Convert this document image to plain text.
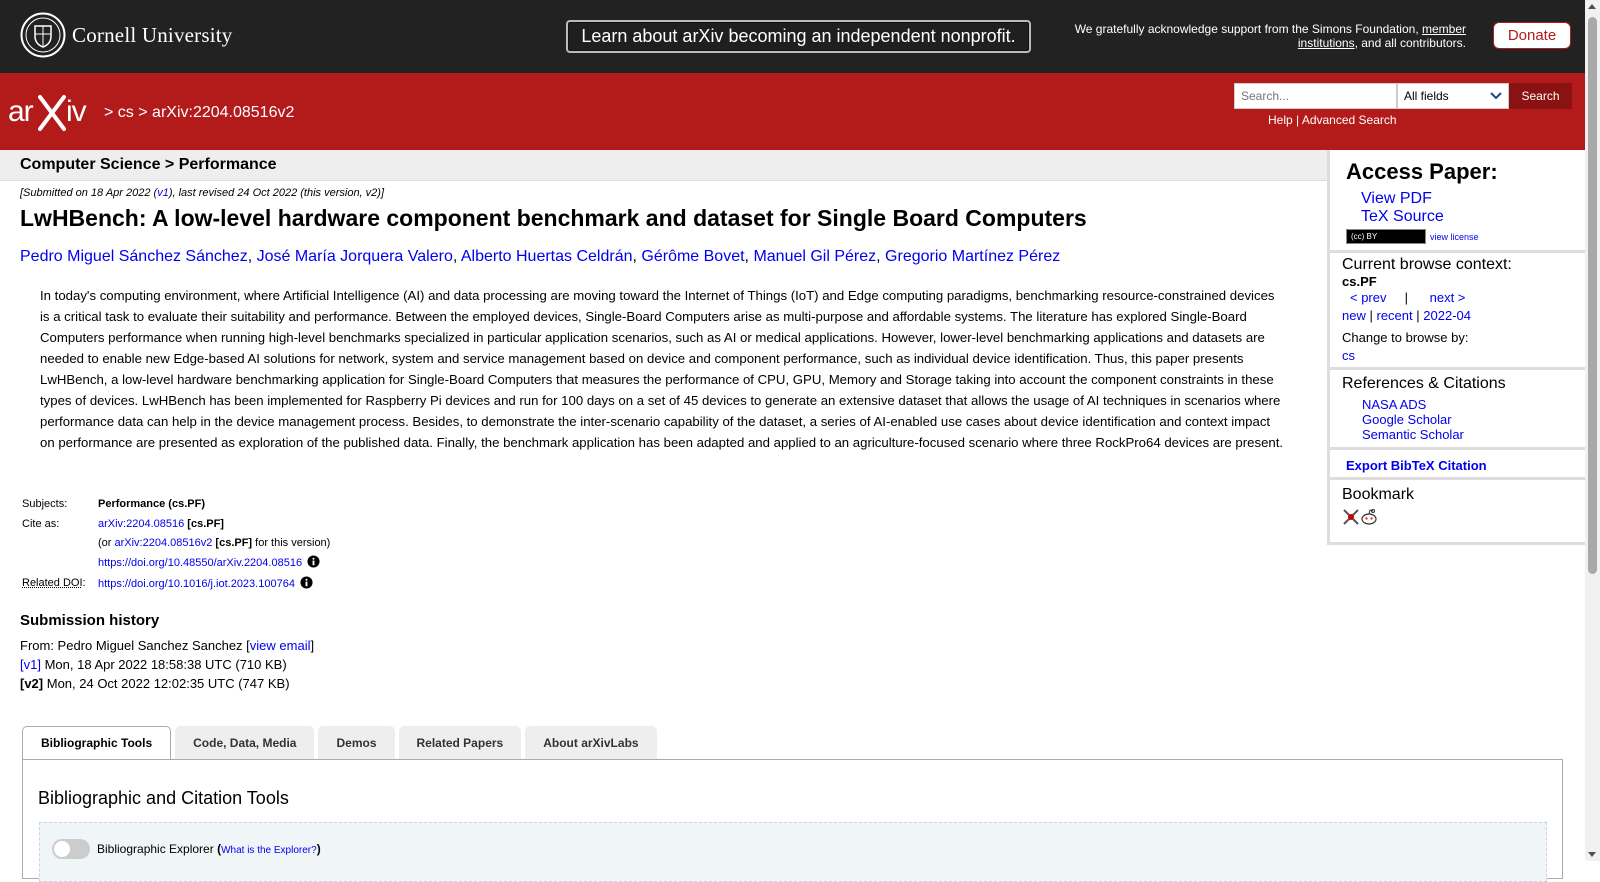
Cornell University	Learn about arXiv becoming an independent nonprofit.	We gratefully acknowledge support from the Simons Foundation, member institutions, and all contributors.	Donate
ar iv > cs > arXiv:2204.08516v2
Search...	All fields	Search
Help | Advanced Search
Computer Science > Performance
[Submitted on 18 Apr 2022 (v1), last revised 24 Oct 2022 (this version, v2)]
LwHBench: A low-level hardware component benchmark and dataset for Single Board Computers
Pedro Miguel Sánchez Sánchez, José María Jorquera Valero, Alberto Huertas Celdrán, Gérôme Bovet, Manuel Gil Pérez, Gregorio Martínez Pérez

In today's computing environment, where Artificial Intelligence (AI) and data processing are moving toward the Internet of Things (IoT) and Edge computing paradigms, benchmarking resource-constrained devices is a critical task to evaluate their suitability and performance. Between the employed devices, Single-Board Computers arise as multi-purpose and affordable systems. The literature has explored Single-Board Computers performance when running high-level benchmarks specialized in particular application scenarios, such as AI or medical applications. However, lower-level benchmarking applications and datasets are needed to enable new Edge-based AI solutions for network, system and service management based on device and component performance, such as individual device identification. Thus, this paper presents LwHBench, a low-level hardware benchmarking application for Single-Board Computers that measures the performance of CPU, GPU, Memory and Storage taking into account the component constraints in these types of devices. LwHBench has been implemented for Raspberry Pi devices and run for 100 days on a set of 45 devices to generate an extensive dataset that allows the usage of AI techniques in scenarios where performance data can help in the device management process. Besides, to demonstrate the inter-scenario capability of the dataset, a series of AI-enabled use cases about device identification and context impact on performance are presented as exploration of the published data. Finally, the benchmark application has been adapted and applied to an agriculture-focused scenario where three RockPro64 devices are present.

Subjects:	Performance (cs.PF)
Cite as:	arXiv:2204.08516 [cs.PF]
(or arXiv:2204.08516v2 [cs.PF] for this version)
https://doi.org/10.48550/arXiv.2204.08516

Related DOI:	https://doi.org/10.1016/j.iot.2023.100764
Submission history
From: Pedro Miguel Sanchez Sanchez [view email]
[v1] Mon, 18 Apr 2022 18:58:38 UTC (710 KB)
[v2] Mon, 24 Oct 2022 12:02:35 UTC (747 KB)
Bibliographic Tools	Code, Data, Media	Demos	Related Papers	About arXivLabs
Bibliographic and Citation Tools
Bibliographic Explorer (What is the Explorer?)
Access Paper:
View PDF
TeX Source
(cc) BY	view license
Current browse context:
cs.PF
< prev | next >
new | recent | 2022-04
Change to browse by:
cs
References & Citations
NASA ADS
Google Scholar
Semantic Scholar
Export BibTeX Citation
Bookmark
